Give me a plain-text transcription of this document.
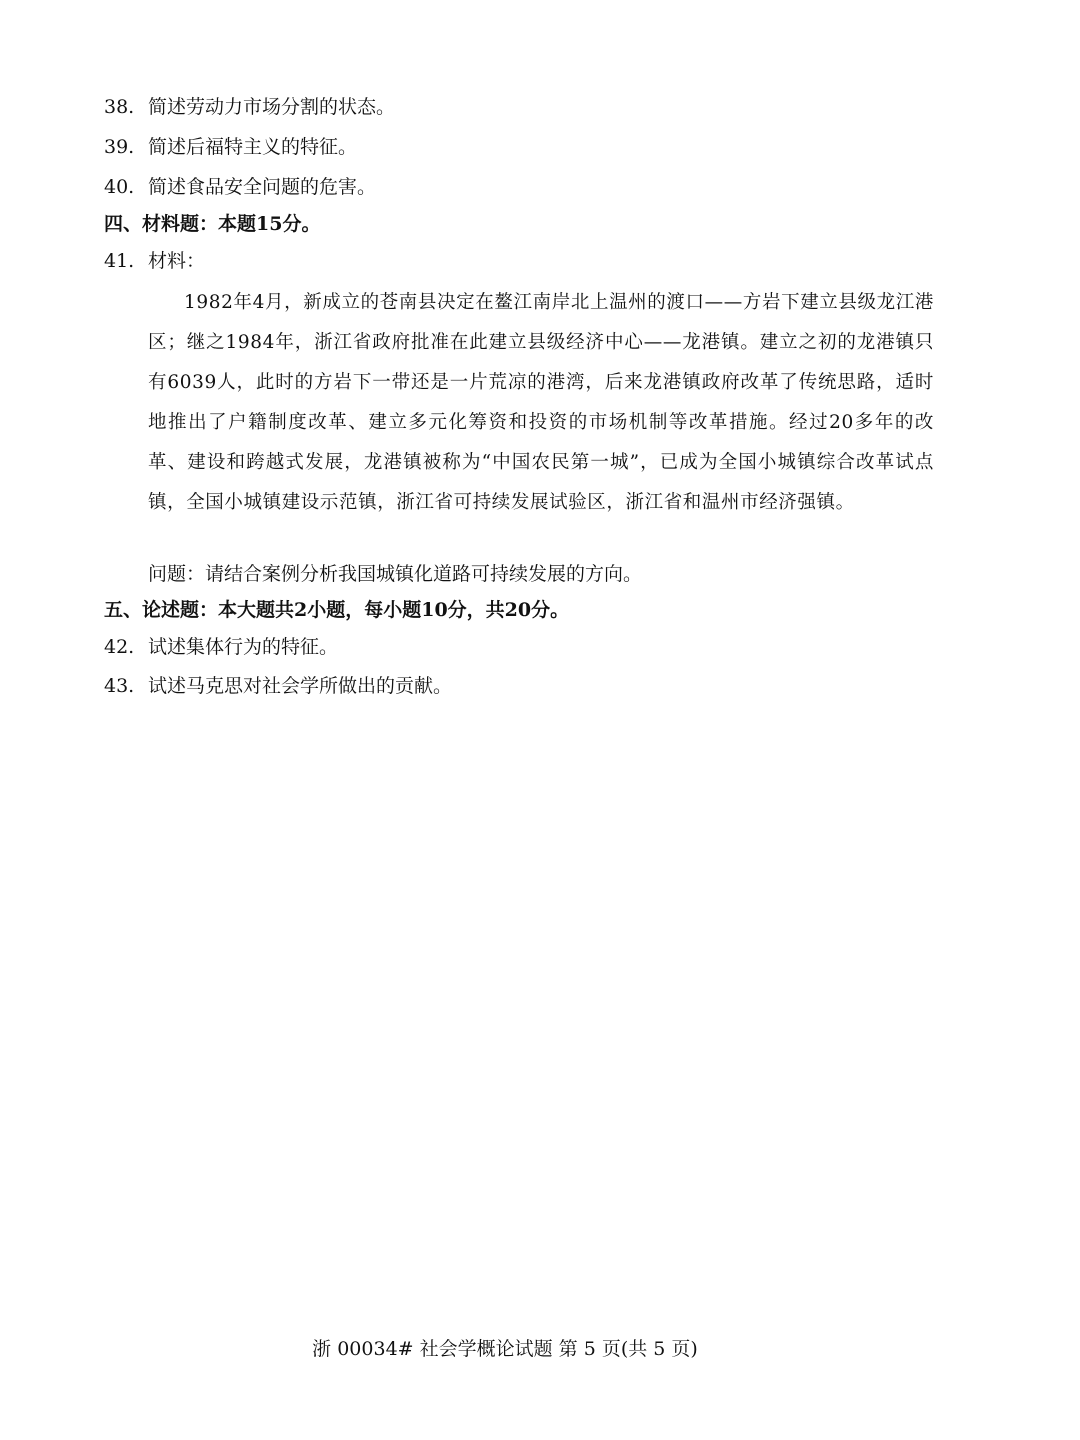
38. 简述劳动力市场分割的状态。
39. 简述后福特主义的特征。
40. 简述食品安全问题的危害。
四、材料题：本题15分。
41. 材料：
1982年4月，新成立的苍南县决定在鳌江南岸北上温州的渡口——方岩下建立县级龙江港区；继之1984年，浙江省政府批准在此建立县级经济中心——龙港镇。建立之初的龙港镇只有6039人，此时的方岩下一带还是一片荒凉的港湾，后来龙港镇政府改革了传统思路，适时地推出了户籍制度改革、建立多元化筹资和投资的市场机制等改革措施。经过20多年的改革、建设和跨越式发展，龙港镇被称为“中国农民第一城”，已成为全国小城镇综合改革试点镇，全国小城镇建设示范镇，浙江省可持续发展试验区，浙江省和温州市经济强镇。
问题：请结合案例分析我国城镇化道路可持续发展的方向。
五、论述题：本大题共2小题，每小题10分，共20分。
42. 试述集体行为的特征。
43. 试述马克思对社会学所做出的贡献。
浙 00034# 社会学概论试题 第 5 页(共 5 页)
